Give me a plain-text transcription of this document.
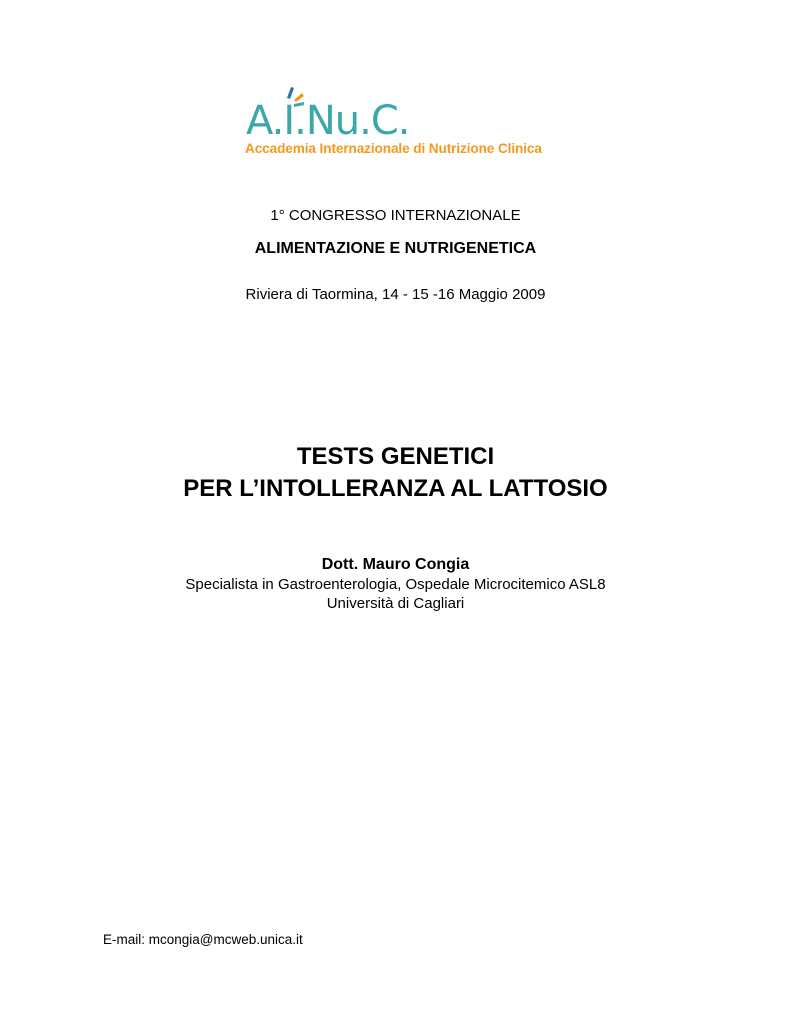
A.I.Nu.C.
Accademia Internazionale di Nutrizione Clinica
1° CONGRESSO INTERNAZIONALE
ALIMENTAZIONE E NUTRIGENETICA
Riviera di Taormina, 14 - 15 -16 Maggio 2009
TESTS GENETICI
PER L’INTOLLERANZA AL LATTOSIO
Dott. Mauro Congia
Specialista in Gastroenterologia, Ospedale Microcitemico ASL8
Università di Cagliari
E-mail: mcongia@mcweb.unica.it
